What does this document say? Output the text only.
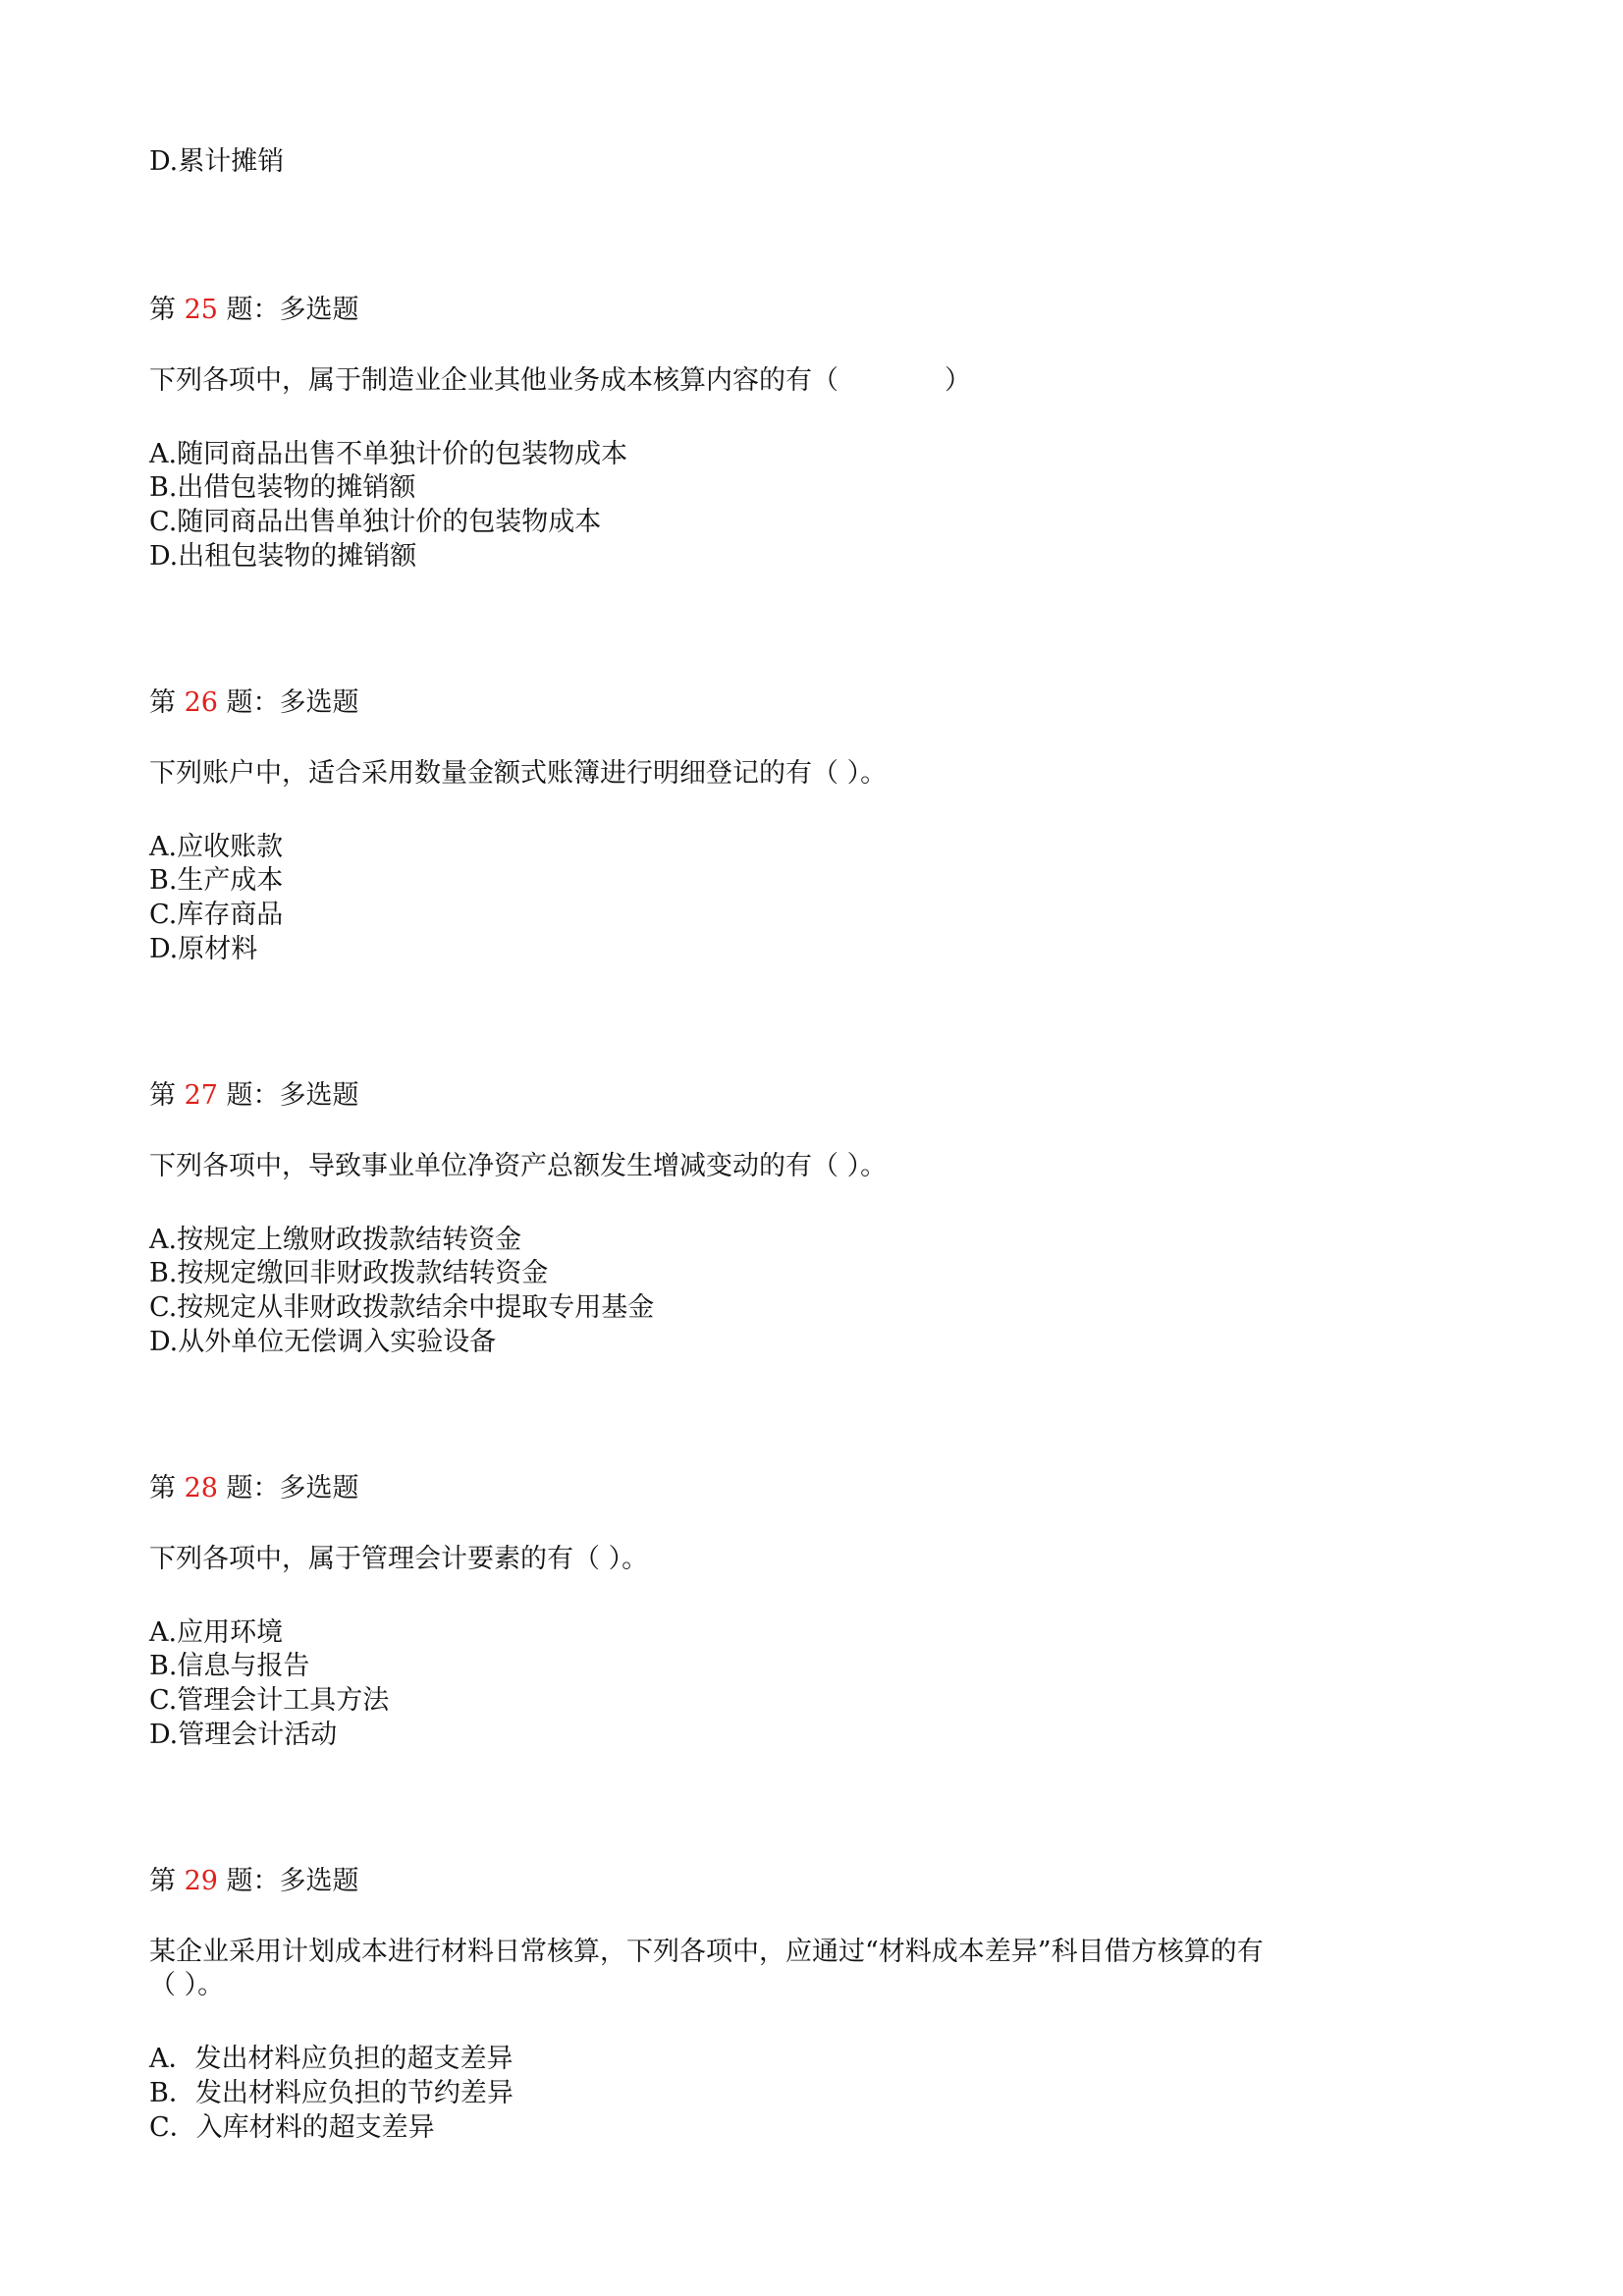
D.累计摊销
第 25 题：多选题
下列各项中，属于制造业企业其他业务成本核算内容的有（　　　　）
A.随同商品出售不单独计价的包装物成本
B.出借包装物的摊销额
C.随同商品出售单独计价的包装物成本
D.出租包装物的摊销额
第 26 题：多选题
下列账户中，适合采用数量金额式账簿进行明细登记的有（ ）。
A.应收账款
B.生产成本
C.库存商品
D.原材料
第 27 题：多选题
下列各项中，导致事业单位净资产总额发生增减变动的有（ ）。
A.按规定上缴财政拨款结转资金
B.按规定缴回非财政拨款结转资金
C.按规定从非财政拨款结余中提取专用基金
D.从外单位无偿调入实验设备
第 28 题：多选题
下列各项中，属于管理会计要素的有（ ）。
A.应用环境
B.信息与报告
C.管理会计工具方法
D.管理会计活动
第 29 题：多选题
某企业采用计划成本进行材料日常核算，下列各项中，应通过“材料成本差异”科目借方核算的有
（ ）。
A．发出材料应负担的超支差异
B．发出材料应负担的节约差异
C．入库材料的超支差异
